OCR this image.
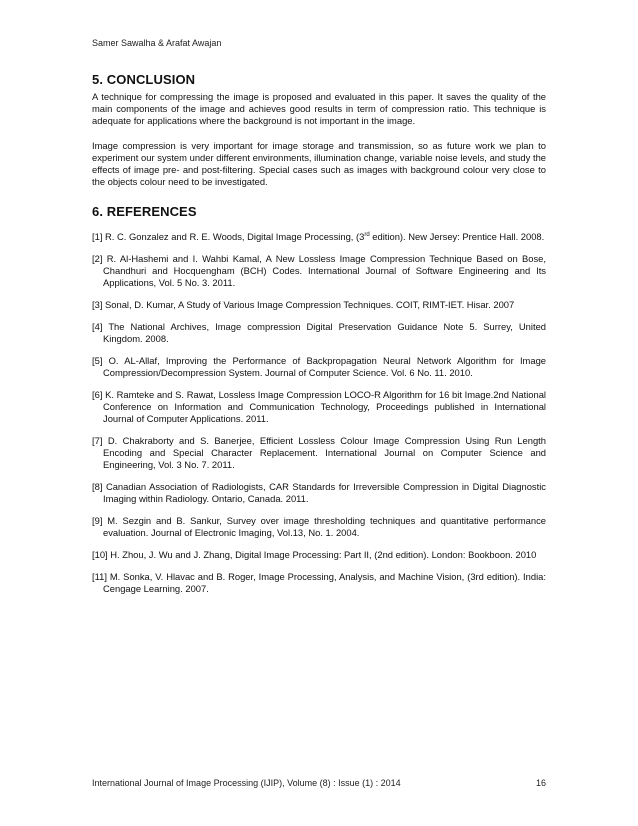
Samer Sawalha & Arafat Awajan
5. CONCLUSION

A technique for compressing the image is proposed and evaluated in this paper. It saves the quality of the main components of the image and achieves good results in term of compression ratio. This technique is adequate for applications where the background is not important in the image.

Image compression is very important for image storage and transmission, so as future work we plan to experiment our system under different environments, illumination change, variable noise levels, and study the effects of image pre- and post-filtering. Special cases such as images with background colour very close to the objects colour need to be investigated.

6. REFERENCES
[1] R. C. Gonzalez and R. E. Woods, Digital Image Processing, (3rd edition). New Jersey: Prentice Hall. 2008.
[2] R. Al-Hashemi and I. Wahbi Kamal, A New Lossless Image Compression Technique Based on Bose, Chandhuri and Hocquengham (BCH) Codes. International Journal of Software Engineering and Its Applications, Vol. 5 No. 3. 2011.
[3] Sonal, D. Kumar, A Study of Various Image Compression Techniques. COIT, RIMT-IET. Hisar. 2007
[4] The National Archives, Image compression Digital Preservation Guidance Note 5. Surrey, United Kingdom. 2008.
[5] O. AL-Allaf, Improving the Performance of Backpropagation Neural Network Algorithm for Image Compression/Decompression System. Journal of Computer Science. Vol. 6 No. 11. 2010.
[6] K. Ramteke and S. Rawat, Lossless Image Compression LOCO-R Algorithm for 16 bit Image.2nd National Conference on Information and Communication Technology, Proceedings published in International Journal of Computer Applications. 2011.
[7] D. Chakraborty and S. Banerjee, Efficient Lossless Colour Image Compression Using Run Length Encoding and Special Character Replacement. International Journal on Computer Science and Engineering, Vol. 3 No. 7. 2011.
[8] Canadian Association of Radiologists, CAR Standards for Irreversible Compression in Digital Diagnostic Imaging within Radiology. Ontario, Canada. 2011.
[9] M. Sezgin and B. Sankur, Survey over image thresholding techniques and quantitative performance evaluation. Journal of Electronic Imaging, Vol.13, No. 1. 2004.
[10] H. Zhou, J. Wu and J. Zhang, Digital Image Processing: Part II, (2nd edition). London: Bookboon. 2010
[11] M. Sonka, V. Hlavac and B. Roger, Image Processing, Analysis, and Machine Vision, (3rd edition). India: Cengage Learning. 2007.
International Journal of Image Processing (IJIP), Volume (8) : Issue (1) : 2014	16
